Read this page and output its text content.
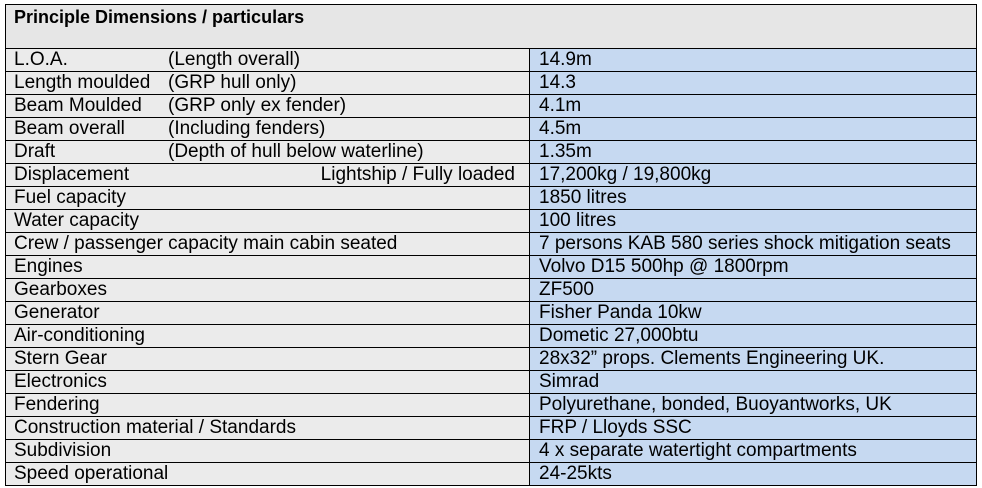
Principle Dimensions / particulars
L.O.A.	(Length overall)	14.9m
Length moulded (GRP hull only)	14.3
Beam Moulded (GRP only ex fender)	4.1m
Beam overall (Including fenders)	4.5m
Draft	(Depth of hull below waterline)	1.35m
Displacement	Lightship / Fully loaded	17,200kg / 19,800kg
Fuel capacity	1850 litres
Water capacity	100 litres
Crew / passenger capacity main cabin seated	7 persons KAB 580 series shock mitigation seats
Engines	Volvo D15 500hp @ 1800rpm
Gearboxes	ZF500
Generator	Fisher Panda 10kw
Air-conditioning	Dometic 27,000btu
Stern Gear	28x32” props. Clements Engineering UK.
Electronics	Simrad
Fendering	Polyurethane, bonded, Buoyantworks, UK
Construction material / Standards	FRP / Lloyds SSC
Subdivision	4 x separate watertight compartments
Speed operational	24-25kts
